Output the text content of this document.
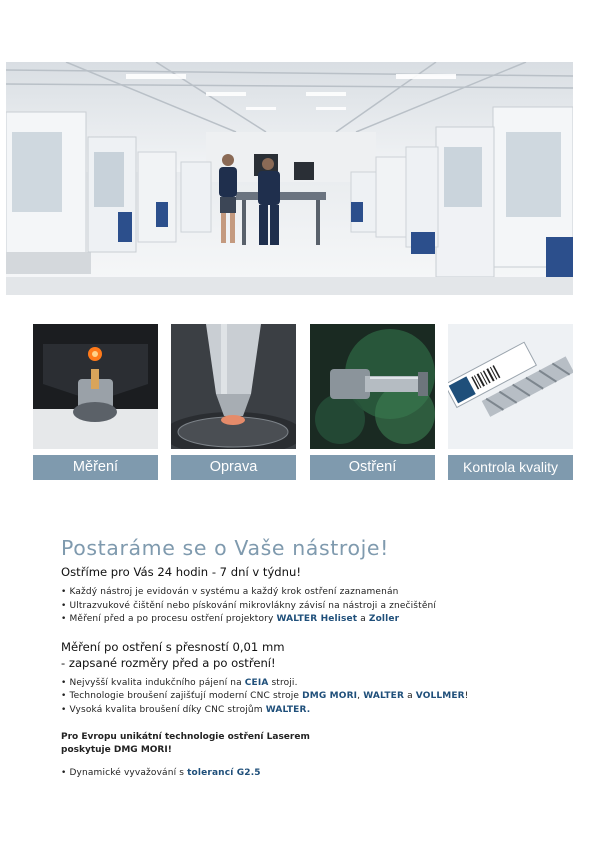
Měření	Oprava	Ostření	Kontrola kvality
Postaráme se o Vaše nástroje!
Ostříme pro Vás 24 hodin - 7 dní v týdnu!
• Každý nástroj je evidován v systému a každý krok ostření zaznamenán
• Ultrazvukové čištění nebo pískování mikrovlákny závisí na nástroji a znečištění
• Měření před a po procesu ostření projektory WALTER Heliset a Zoller
Měření po ostření s přesností 0,01 mm
- zapsané rozměry před a po ostření!
• Nejvyšší kvalita indukčního pájení na CEIA stroji.
• Technologie broušení zajišťují moderní CNC stroje DMG MORI, WALTER a VOLLMER!
• Vysoká kvalita broušení díky CNC strojům WALTER.
Pro Evropu unikátní technologie ostření Laserem
poskytuje DMG MORI!
• Dynamické vyvažování s tolerancí G2.5
